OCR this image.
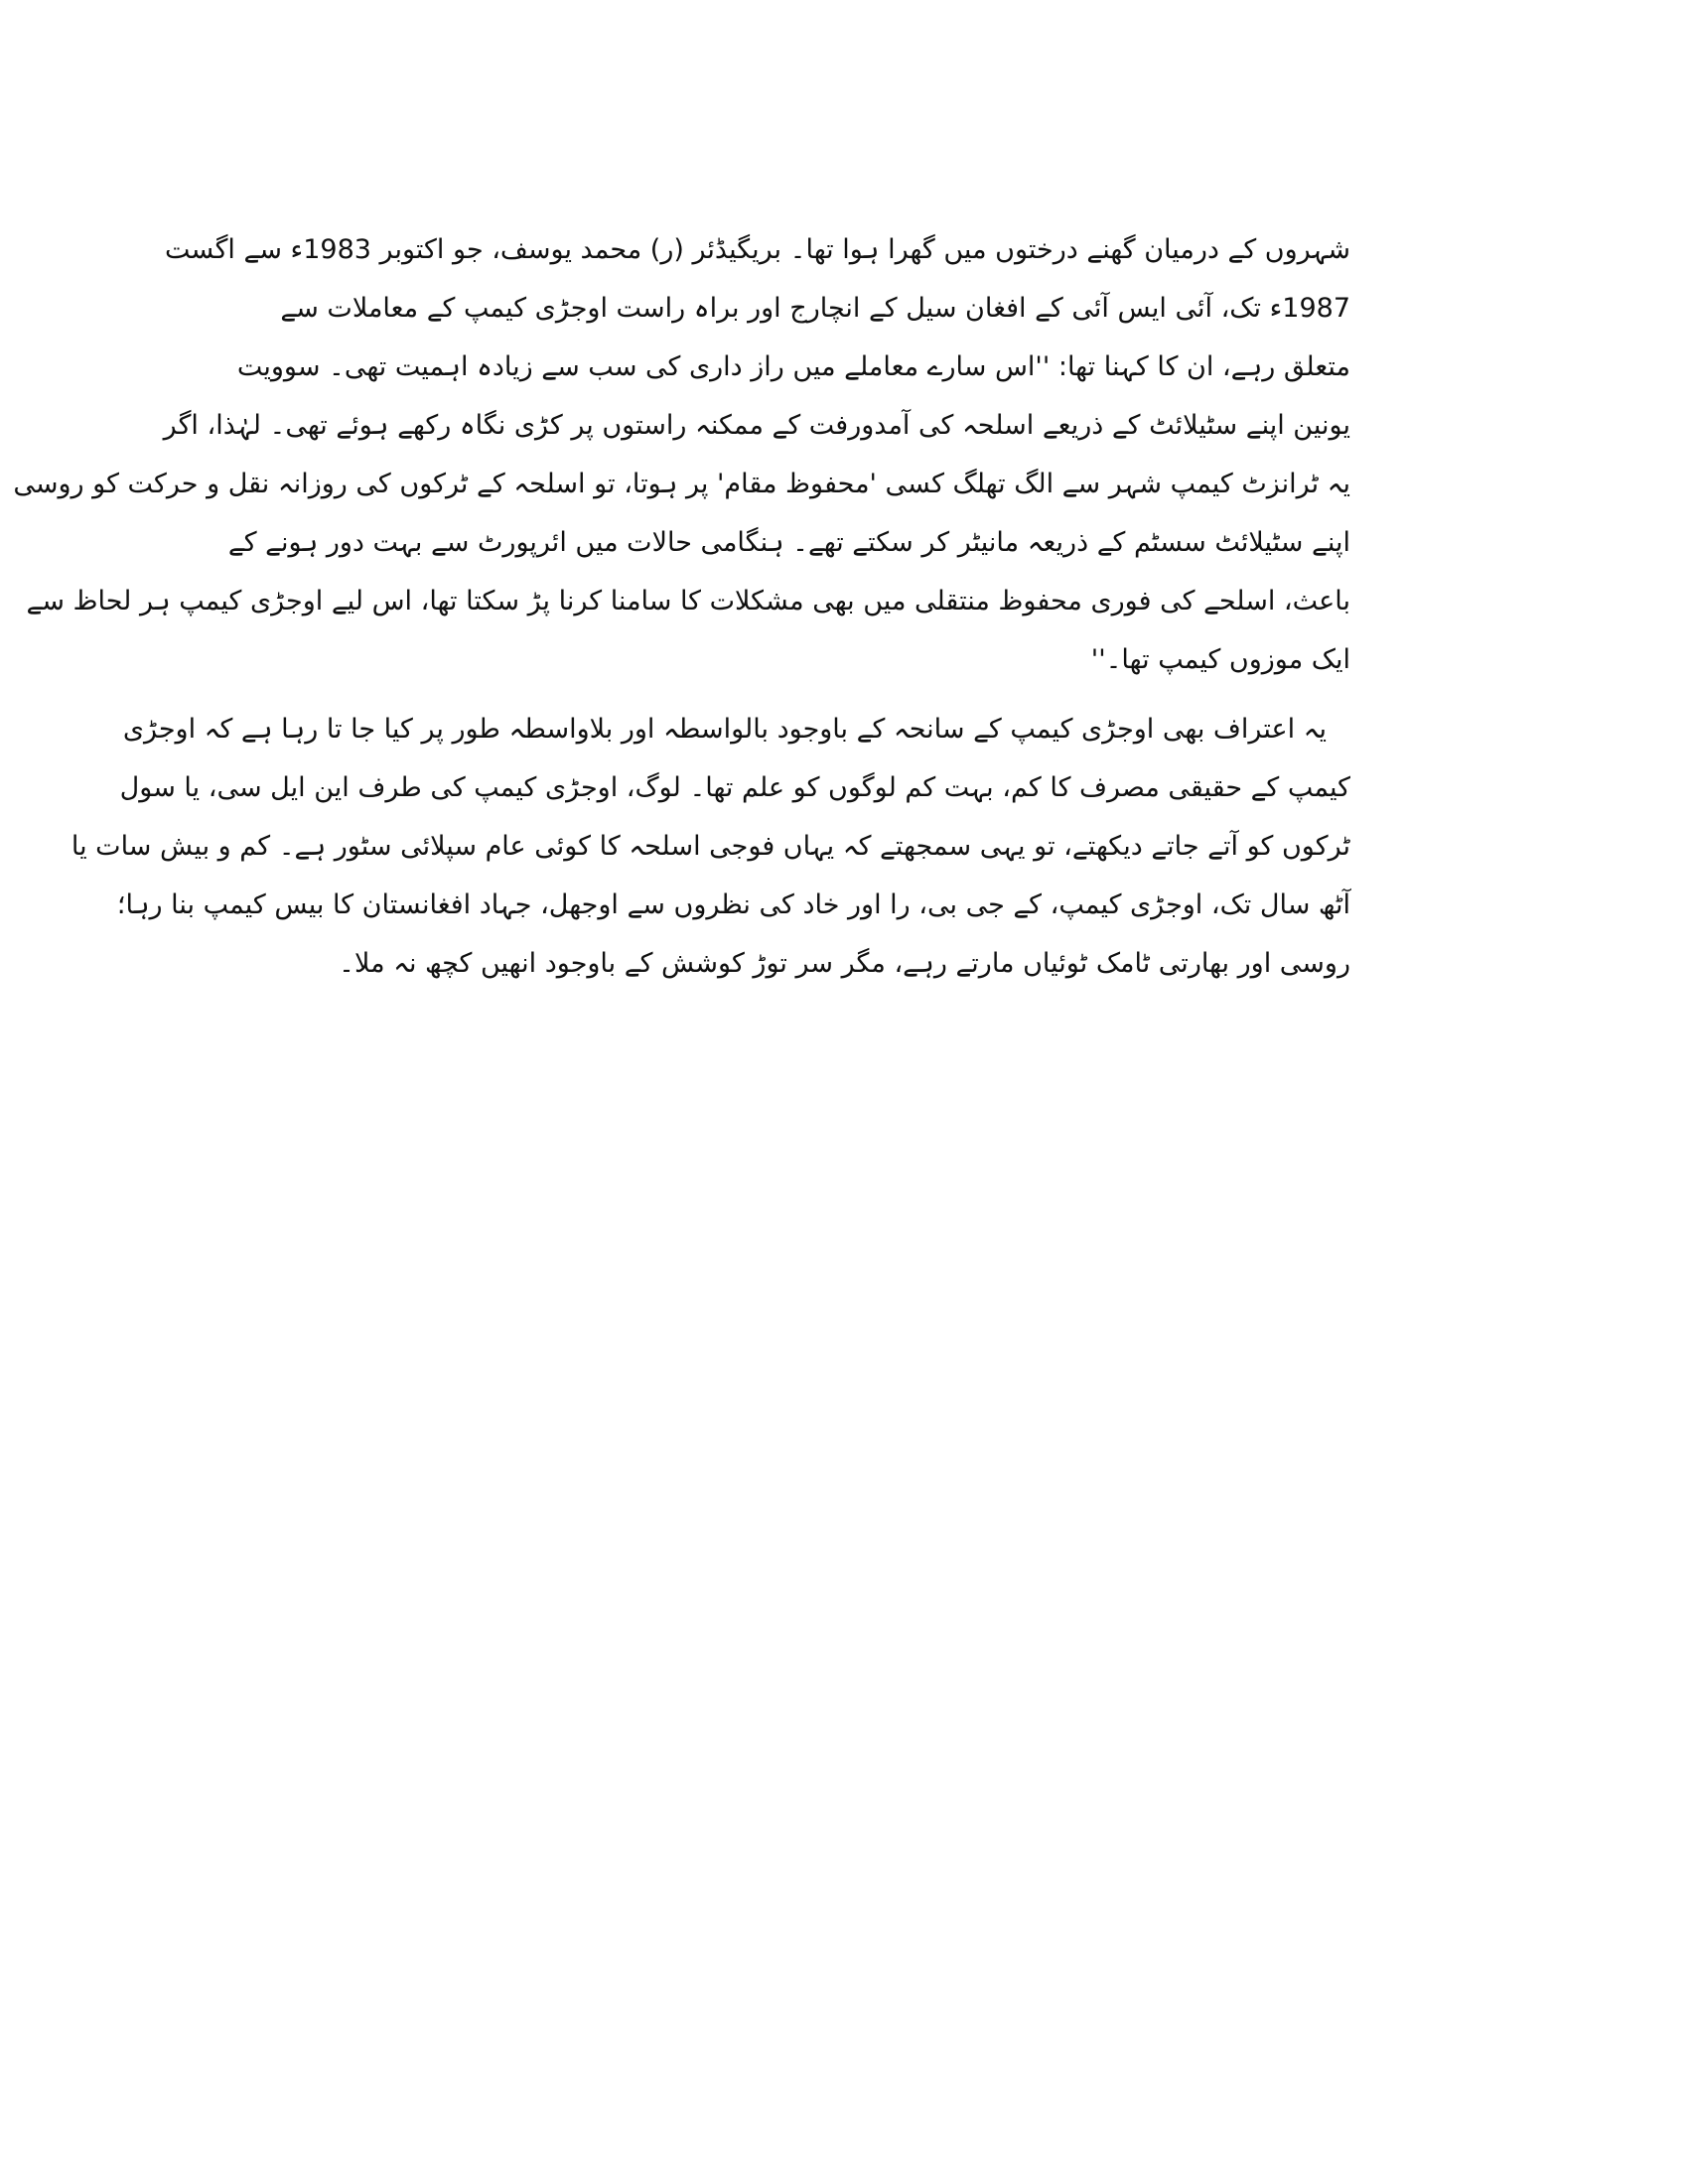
شہروں کے درمیان گھنے درختوں میں گھرا ہوا تھا۔ بریگیڈئر (ر) محمد یوسف، جو اکتوبر 1983ء سے اگست
1987ء تک، آئی ایس آئی کے افغان سیل کے انچارج اور براہ راست اوجڑی کیمپ کے معاملات سے
متعلق رہے، ان کا کہنا تھا: ''اس سارے معاملے میں راز داری کی سب سے زیادہ اہمیت تھی۔ سوویت
یونین اپنے سٹیلائٹ کے ذریعے اسلحہ کی آمدورفت کے ممکنہ راستوں پر کڑی نگاہ رکھے ہوئے تھی۔ لہٰذا، اگر
یہ ٹرانزٹ کیمپ شہر سے الگ تھلگ کسی 'محفوظ مقام' پر ہوتا، تو اسلحہ کے ٹرکوں کی روزانہ نقل و حرکت کو روسی
اپنے سٹیلائٹ سسٹم کے ذریعہ مانیٹر کر سکتے تھے۔ ہنگامی حالات میں ائرپورٹ سے بہت دور ہونے کے
باعث، اسلحے کی فوری محفوظ منتقلی میں بھی مشکلات کا سامنا کرنا پڑ سکتا تھا، اس لیے اوجڑی کیمپ ہر لحاظ سے
ایک موزوں کیمپ تھا۔''
یہ اعتراف بھی اوجڑی کیمپ کے سانحہ کے باوجود بالواسطہ اور بلاواسطہ طور پر کیا جا تا رہا ہے کہ اوجڑی
کیمپ کے حقیقی مصرف کا کم، بہت کم لوگوں کو علم تھا۔ لوگ، اوجڑی کیمپ کی طرف این ایل سی، یا سول
ٹرکوں کو آتے جاتے دیکھتے، تو یہی سمجھتے کہ یہاں فوجی اسلحہ کا کوئی عام سپلائی سٹور ہے۔ کم و بیش سات یا
آٹھ سال تک، اوجڑی کیمپ، کے جی بی، را اور خاد کی نظروں سے اوجھل، جہاد افغانستان کا بیس کیمپ بنا رہا؛
روسی اور بھارتی ٹامک ٹوئیاں مارتے رہے، مگر سر توڑ کوشش کے باوجود انھیں کچھ نہ ملا۔
